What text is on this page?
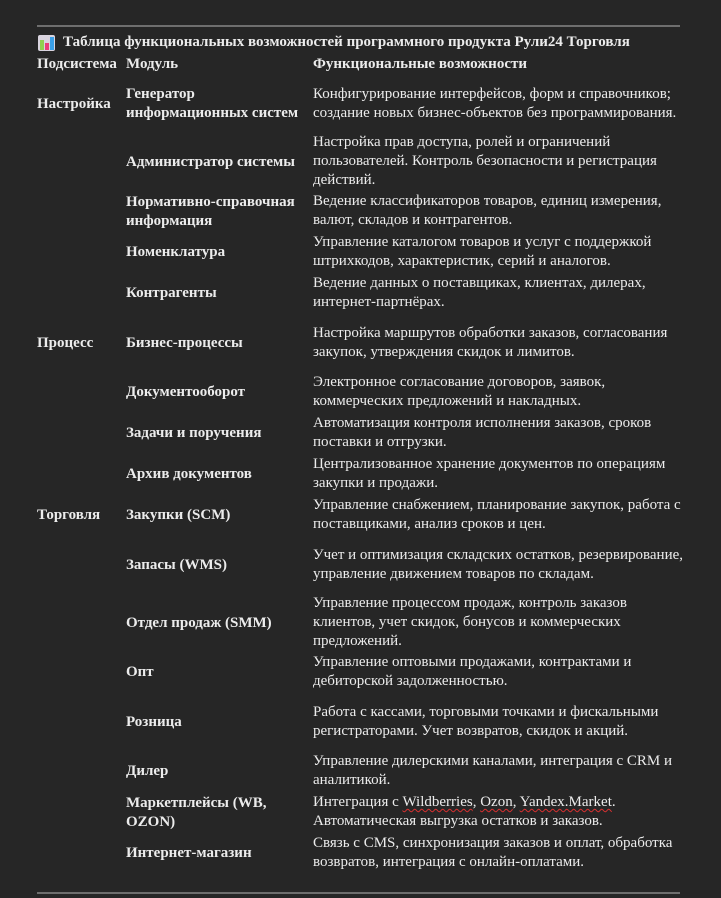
Таблица функциональных возможностей программного продукта Рули24 Торговля
Подсистема	Модуль	Функциональные возможности
Настройка	Генератор информационных систем	Конфигурирование интерфейсов, форм и справочников; создание новых бизнес-объектов без программирования.
	Администратор системы	Настройка прав доступа, ролей и ограничений пользователей. Контроль безопасности и регистрация действий.
	Нормативно-справочная информация	Ведение классификаторов товаров, единиц измерения, валют, складов и контрагентов.
	Номенклатура	Управление каталогом товаров и услуг с поддержкой штрихкодов, характеристик, серий и аналогов.
	Контрагенты	Ведение данных о поставщиках, клиентах, дилерах, интернет-партнёрах.
Процесс	Бизнес-процессы	Настройка маршрутов обработки заказов, согласования закупок, утверждения скидок и лимитов.
	Документооборот	Электронное согласование договоров, заявок, коммерческих предложений и накладных.
	Задачи и поручения	Автоматизация контроля исполнения заказов, сроков поставки и отгрузки.
	Архив документов	Централизованное хранение документов по операциям закупки и продажи.
Торговля	Закупки (SCM)	Управление снабжением, планирование закупок, работа с поставщиками, анализ сроков и цен.
	Запасы (WMS)	Учет и оптимизация складских остатков, резервирование, управление движением товаров по складам.
	Отдел продаж (SMM)	Управление процессом продаж, контроль заказов клиентов, учет скидок, бонусов и коммерческих предложений.
	Опт	Управление оптовыми продажами, контрактами и дебиторской задолженностью.
	Розница	Работа с кассами, торговыми точками и фискальными регистраторами. Учет возвратов, скидок и акций.
	Дилер	Управление дилерскими каналами, интеграция с CRM и аналитикой.
	Маркетплейсы (WB, OZON)	Интеграция с Wildberries, Ozon, Yandex.Market. Автоматическая выгрузка остатков и заказов.
	Интернет-магазин	Связь с CMS, синхронизация заказов и оплат, обработка возвратов, интеграция с онлайн-оплатами.
